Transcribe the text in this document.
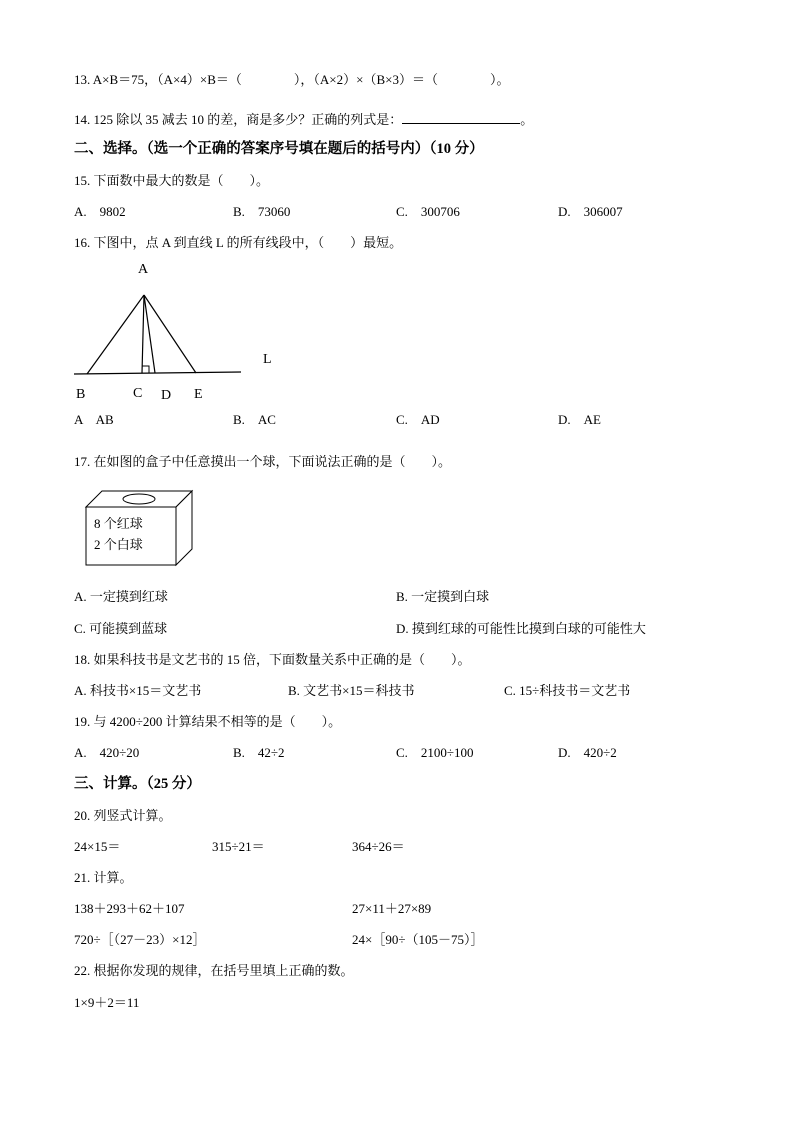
13. A×B＝75，（A×4）×B＝（　　　　），（A×2）×（B×3）＝（　　　　）。
14. 125 除以 35 减去 10 的差，商是多少？正确的列式是：	。
二、选择。（选一个正确的答案序号填在题后的括号内）（10 分）
15. 下面数中最大的数是（　　）。
A.　9802	B.　73060	C.　300706	D.　306007
16. 下图中，点 A 到直线 L 的所有线段中，（　　）最短。
A
B	C D E
L
A　AB	B.　AC	C.　AD	D.　AE
17. 在如图的盒子中任意摸出一个球，下面说法正确的是（　　）。
8 个红球
2 个白球
A. 一定摸到红球	B. 一定摸到白球
C. 可能摸到蓝球	D. 摸到红球的可能性比摸到白球的可能性大
18. 如果科技书是文艺书的 15 倍，下面数量关系中正确的是（　　）。
A. 科技书×15＝文艺书	B. 文艺书×15＝科技书	C. 15÷科技书＝文艺书
19. 与 4200÷200 计算结果不相等的是（　　）。
A.　420÷20	B.　42÷2	C.　2100÷100	D.　420÷2
三、计算。（25 分）
20. 列竖式计算。
24×15＝	315÷21＝	364÷26＝
21. 计算。
138＋293＋62＋107	27×11＋27×89
720÷［（27－23）×12］	24×［90÷（105－75）］
22. 根据你发现的规律，在括号里填上正确的数。
1×9＋2＝11
